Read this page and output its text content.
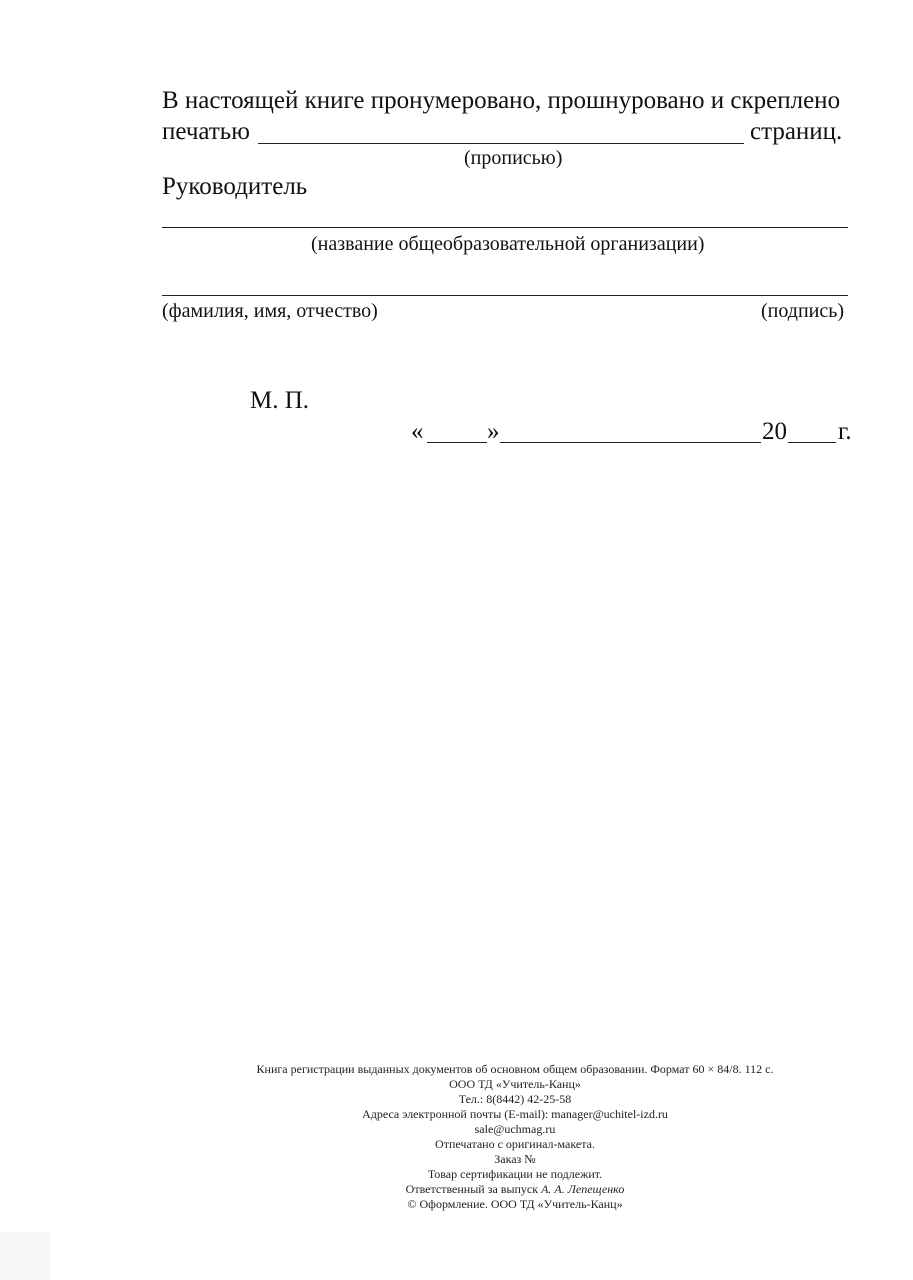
В настоящей книге пронумеровано, прошнуровано и скреплено
печатью	страниц.
(прописью)
Руководитель
(название общеобразовательной организации)
(фамилия, имя, отчество)	(подпись)
М. П.
«	»	20 г.
Книга регистрации выданных документов об основном общем образовании. Формат 60 × 84/8. 112 с.
ООО ТД «Учитель-Канц»
Тел.: 8(8442) 42-25-58
Адреса электронной почты (E-mail): manager@uchitel-izd.ru
sale@uchmag.ru
Отпечатано с оригинал-макета.
Заказ №
Товар сертификации не подлежит.
Ответственный за выпуск А. А. Лепещенко
© Оформление. ООО ТД «Учитель-Канц»
